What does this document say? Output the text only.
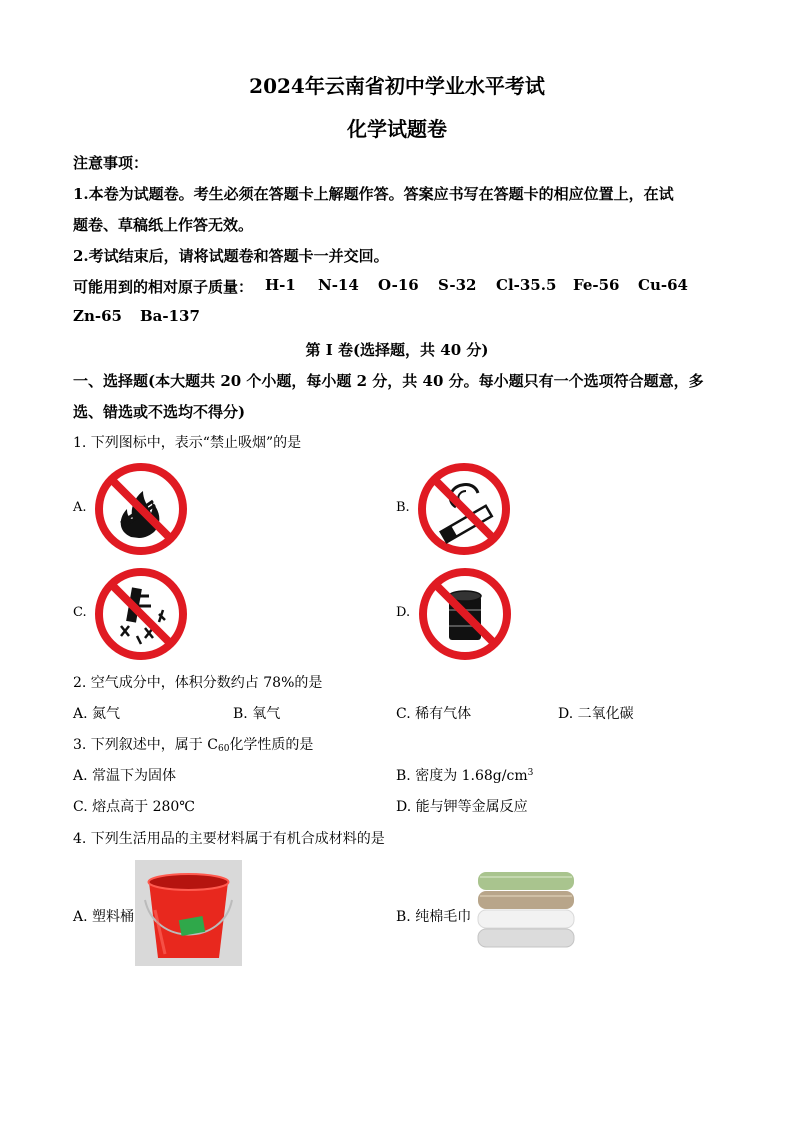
2024年云南省初中学业水平考试
化学试题卷
注意事项：
1.本卷为试题卷。考生必须在答题卡上解题作答。答案应书写在答题卡的相应位置上，在试
题卷、草稿纸上作答无效。
2.考试结束后，请将试题卷和答题卡一并交回。
可能用到的相对原子质量： H-1 N-14 O-16 S-32 Cl-35.5 Fe-56 Cu-64
Zn-65 Ba-137
第 I 卷(选择题，共 40 分)
一、选择题(本大题共 20 个小题，每小题 2 分，共 40 分。每小题只有一个选项符合题意，多
选、错选或不选均不得分)
1. 下列图标中，表示“禁止吸烟”的是
A.	B.
C.	D.
2. 空气成分中，体积分数约占 78%的是
A. 氮气	B. 氧气	C. 稀有气体	D. 二氧化碳
3. 下列叙述中，属于 $C_{60}$化学性质的是
A. 常温下为固体	B. 密度为 $1.68g/cm^3$
C. 熔点高于 280℃	D. 能与钾等金属反应
4. 下列生活用品的主要材料属于有机合成材料的是
A. 塑料桶	B. 纯棉毛巾
